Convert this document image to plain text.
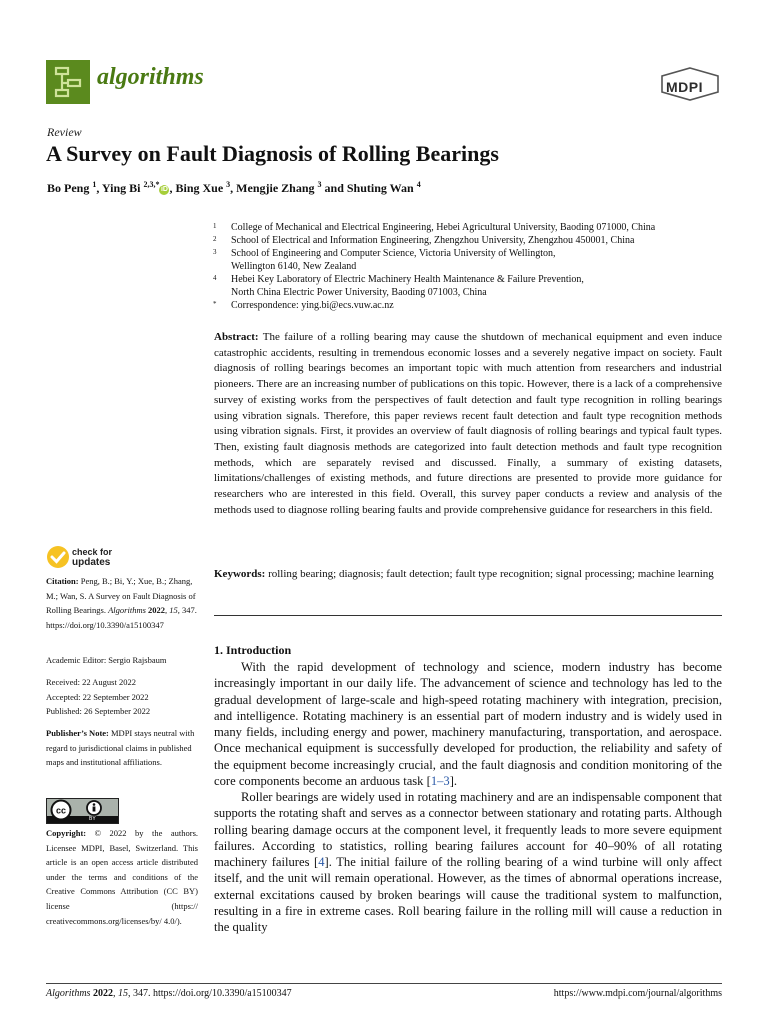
algorithms	MDPI
Review
A Survey on Fault Diagnosis of Rolling Bearings
Bo Peng $^1$, Ying Bi $^{2,3,*}$iD , Bing Xue $^3$, Mengjie Zhang $^3$ and Shuting Wan $^4$
1	College of Mechanical and Electrical Engineering, Hebei Agricultural University, Baoding 071000, China
2	School of Electrical and Information Engineering, Zhengzhou University, Zhengzhou 450001, China
3	School of Engineering and Computer Science, Victoria University of Wellington,
Wellington 6140, New Zealand
4	Hebei Key Laboratory of Electric Machinery Health Maintenance & Failure Prevention,
North China Electric Power University, Baoding 071003, China
*	Correspondence: ying.bi@ecs.vuw.ac.nz
Abstract: The failure of a rolling bearing may cause the shutdown of mechanical equipment and even induce catastrophic accidents, resulting in tremendous economic losses and a severely negative impact on society. Fault diagnosis of rolling bearings becomes an important topic with much attention from researchers and industrial pioneers. There are an increasing number of publications on this topic. However, there is a lack of a comprehensive survey of existing works from the perspectives of fault detection and fault type recognition in rolling bearings using vibration signals. Therefore, this paper reviews recent fault detection and fault type recognition methods using vibration signals. First, it provides an overview of fault diagnosis of rolling bearings and typical fault types. Then, existing fault diagnosis methods are categorized into fault detection methods and fault type recognition methods, which are separately revised and discussed. Finally, a summary of existing datasets, limitations/challenges of existing methods, and future directions are presented to provide more guidance for researchers who are interested in this field. Overall, this survey paper conducts a review and analysis of the methods used to diagnose rolling bearing faults and provide comprehensive guidance for researchers in this field.
Keywords: rolling bearing; diagnosis; fault detection; fault type recognition; signal processing; machine learning
check for
updates
Citation: Peng, B.; Bi, Y.; Xue, B.; Zhang, M.; Wan, S. A Survey on Fault Diagnosis of Rolling Bearings. Algorithms 2022, 15, 347. https://doi.org/10.3390/a15100347
Academic Editor: Sergio Rajsbaum
Received: 22 August 2022
Accepted: 22 September 2022
Published: 26 September 2022
Publisher’s Note: MDPI stays neutral with regard to jurisdictional claims in published maps and institutional affiliations.
cc
BY
Copyright: © 2022 by the authors. Licensee MDPI, Basel, Switzerland. This article is an open access article distributed under the terms and conditions of the Creative Commons Attribution (CC BY) license (https:// creativecommons.org/licenses/by/ 4.0/).
1. Introduction

With the rapid development of technology and science, modern industry has become increasingly important in our daily life. The advancement of science and technology has led to the gradual development of large-scale and high-speed rotating machinery with integration, precision, and intelligence. Rotating machinery is an essential part of modern industry and is widely used in many fields, including energy and power, machinery manufacturing, transportation, and aerospace. Once mechanical equipment is successfully developed for production, the reliability and safety of the equipment become increasingly crucial, and the fault diagnosis and condition monitoring of the core components become an arduous task [1–3].

Roller bearings are widely used in rotating machinery and are an indispensable component that supports the rotating shaft and serves as a connector between stationary and rotating parts. Although rolling bearing damage occurs at the component level, it frequently leads to more severe equipment failures. According to statistics, rolling bearing failures account for 40–90% of all rotating machinery failures [4]. The initial failure of the rolling bearing of a wind turbine will only affect itself, and the unit will remain operational. However, as the times of abnormal operations increase, external excitations caused by broken bearings will cause the traditional system to malfunction, resulting in a fire in extreme cases. Roll bearing failure in the rolling mill will cause a reduction in the quality

Algorithms 2022, 15, 347. https://doi.org/10.3390/a15100347	https://www.mdpi.com/journal/algorithms
